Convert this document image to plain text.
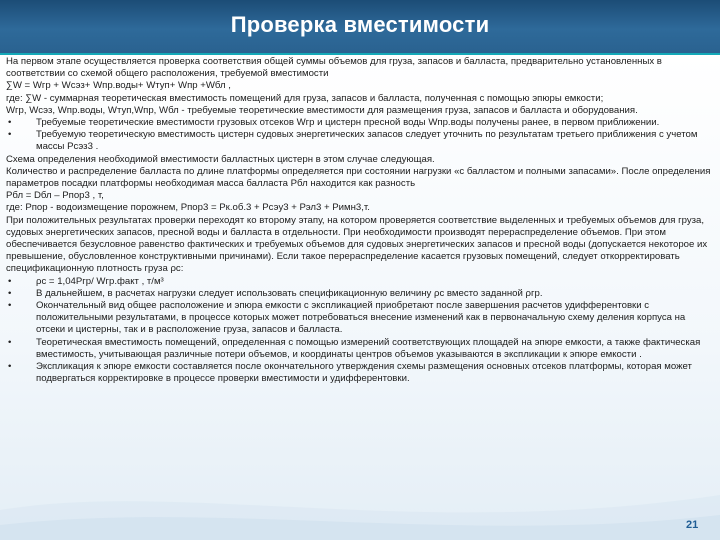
Проверка вместимости

На первом этапе осуществляется проверка соответствия общей суммы объемов для груза, запасов и балласта, предварительно установленных в соответствии со схемой общего расположения, требуемой вместимости

∑W = Wгр + Wсэз+ Wпр.воды+ Wтуп+ Wпр +Wбл ,

где: ∑W - суммарная теоретическая вместимость помещений для груза, запасов и балласта, полученная с помощью эпюры емкости;

Wгр, Wсэз, Wпр.воды, Wтуп,Wпр, Wбл - требуемые теоретические вместимости для размещения груза, запасов и балласта и оборудования.

•	Требуемые теоретические вместимости грузовых отсеков Wгр и цистерн пресной воды Wпр.воды получены ранее, в первом приближении.

•	Требуемую теоретическую вместимость цистерн судовых энергетических запасов следует уточнить по результатам третьего приближения с учетом массы Рсэз3 .

Схема определения необходимой вместимости балластных цистерн в этом случае следующая.

Количество и распределение балласта по длине платформы определяется при состоянии нагрузки «с балластом и полными запасами». После определения параметров посадки платформы необходимая масса балласта Рбл находится как разность

Pбл = Dбл – Pпор3 , т,

где: Рпор - водоизмещение порожнем, Pпор3 = Рк.об.3 + Рсэу3 + Рэл3 + Римн3,т.

При положительных результатах проверки переходят ко второму этапу, на котором проверяется соответствие выделенных и требуемых объемов для груза, судовых энергетических запасов, пресной воды и балласта в отдельности. При необходимости производят перераспределение объемов. При этом обеспечивается безусловное равенство фактических и требуемых объемов для судовых энергетических запасов и пресной воды (допускается некоторое их превышение, обусловленное конструктивными причинами). Если такое перераспределение касается грузовых помещений, следует откорректировать спецификационную плотность груза ρс:

•	ρс = 1,04Ргр/ Wгр.факт , т/м³

•	В дальнейшем, в расчетах нагрузки следует использовать спецификационную величину ρс вместо заданной ρгр.

•	Окончательный вид общее расположение и эпюра емкости с экспликацией приобретают после завершения расчетов удифферентовки с положительными результатами, в процессе которых может потребоваться внесение изменений как в первоначальную схему деления корпуса на отсеки и цистерны, так и в расположение груза, запасов и балласта.

•	Теоретическая вместимость помещений, определенная с помощью измерений соответствующих площадей на эпюре емкости, а также фактическая вместимость, учитывающая различные потери объемов, и координаты центров объемов указываются в экспликации к эпюре емкости .

•	Экспликация к эпюре емкости составляется после окончательного утверждения схемы размещения основных отсеков платформы, которая может подвергаться корректировке в процессе проверки вместимости и удифферентовки.

21
